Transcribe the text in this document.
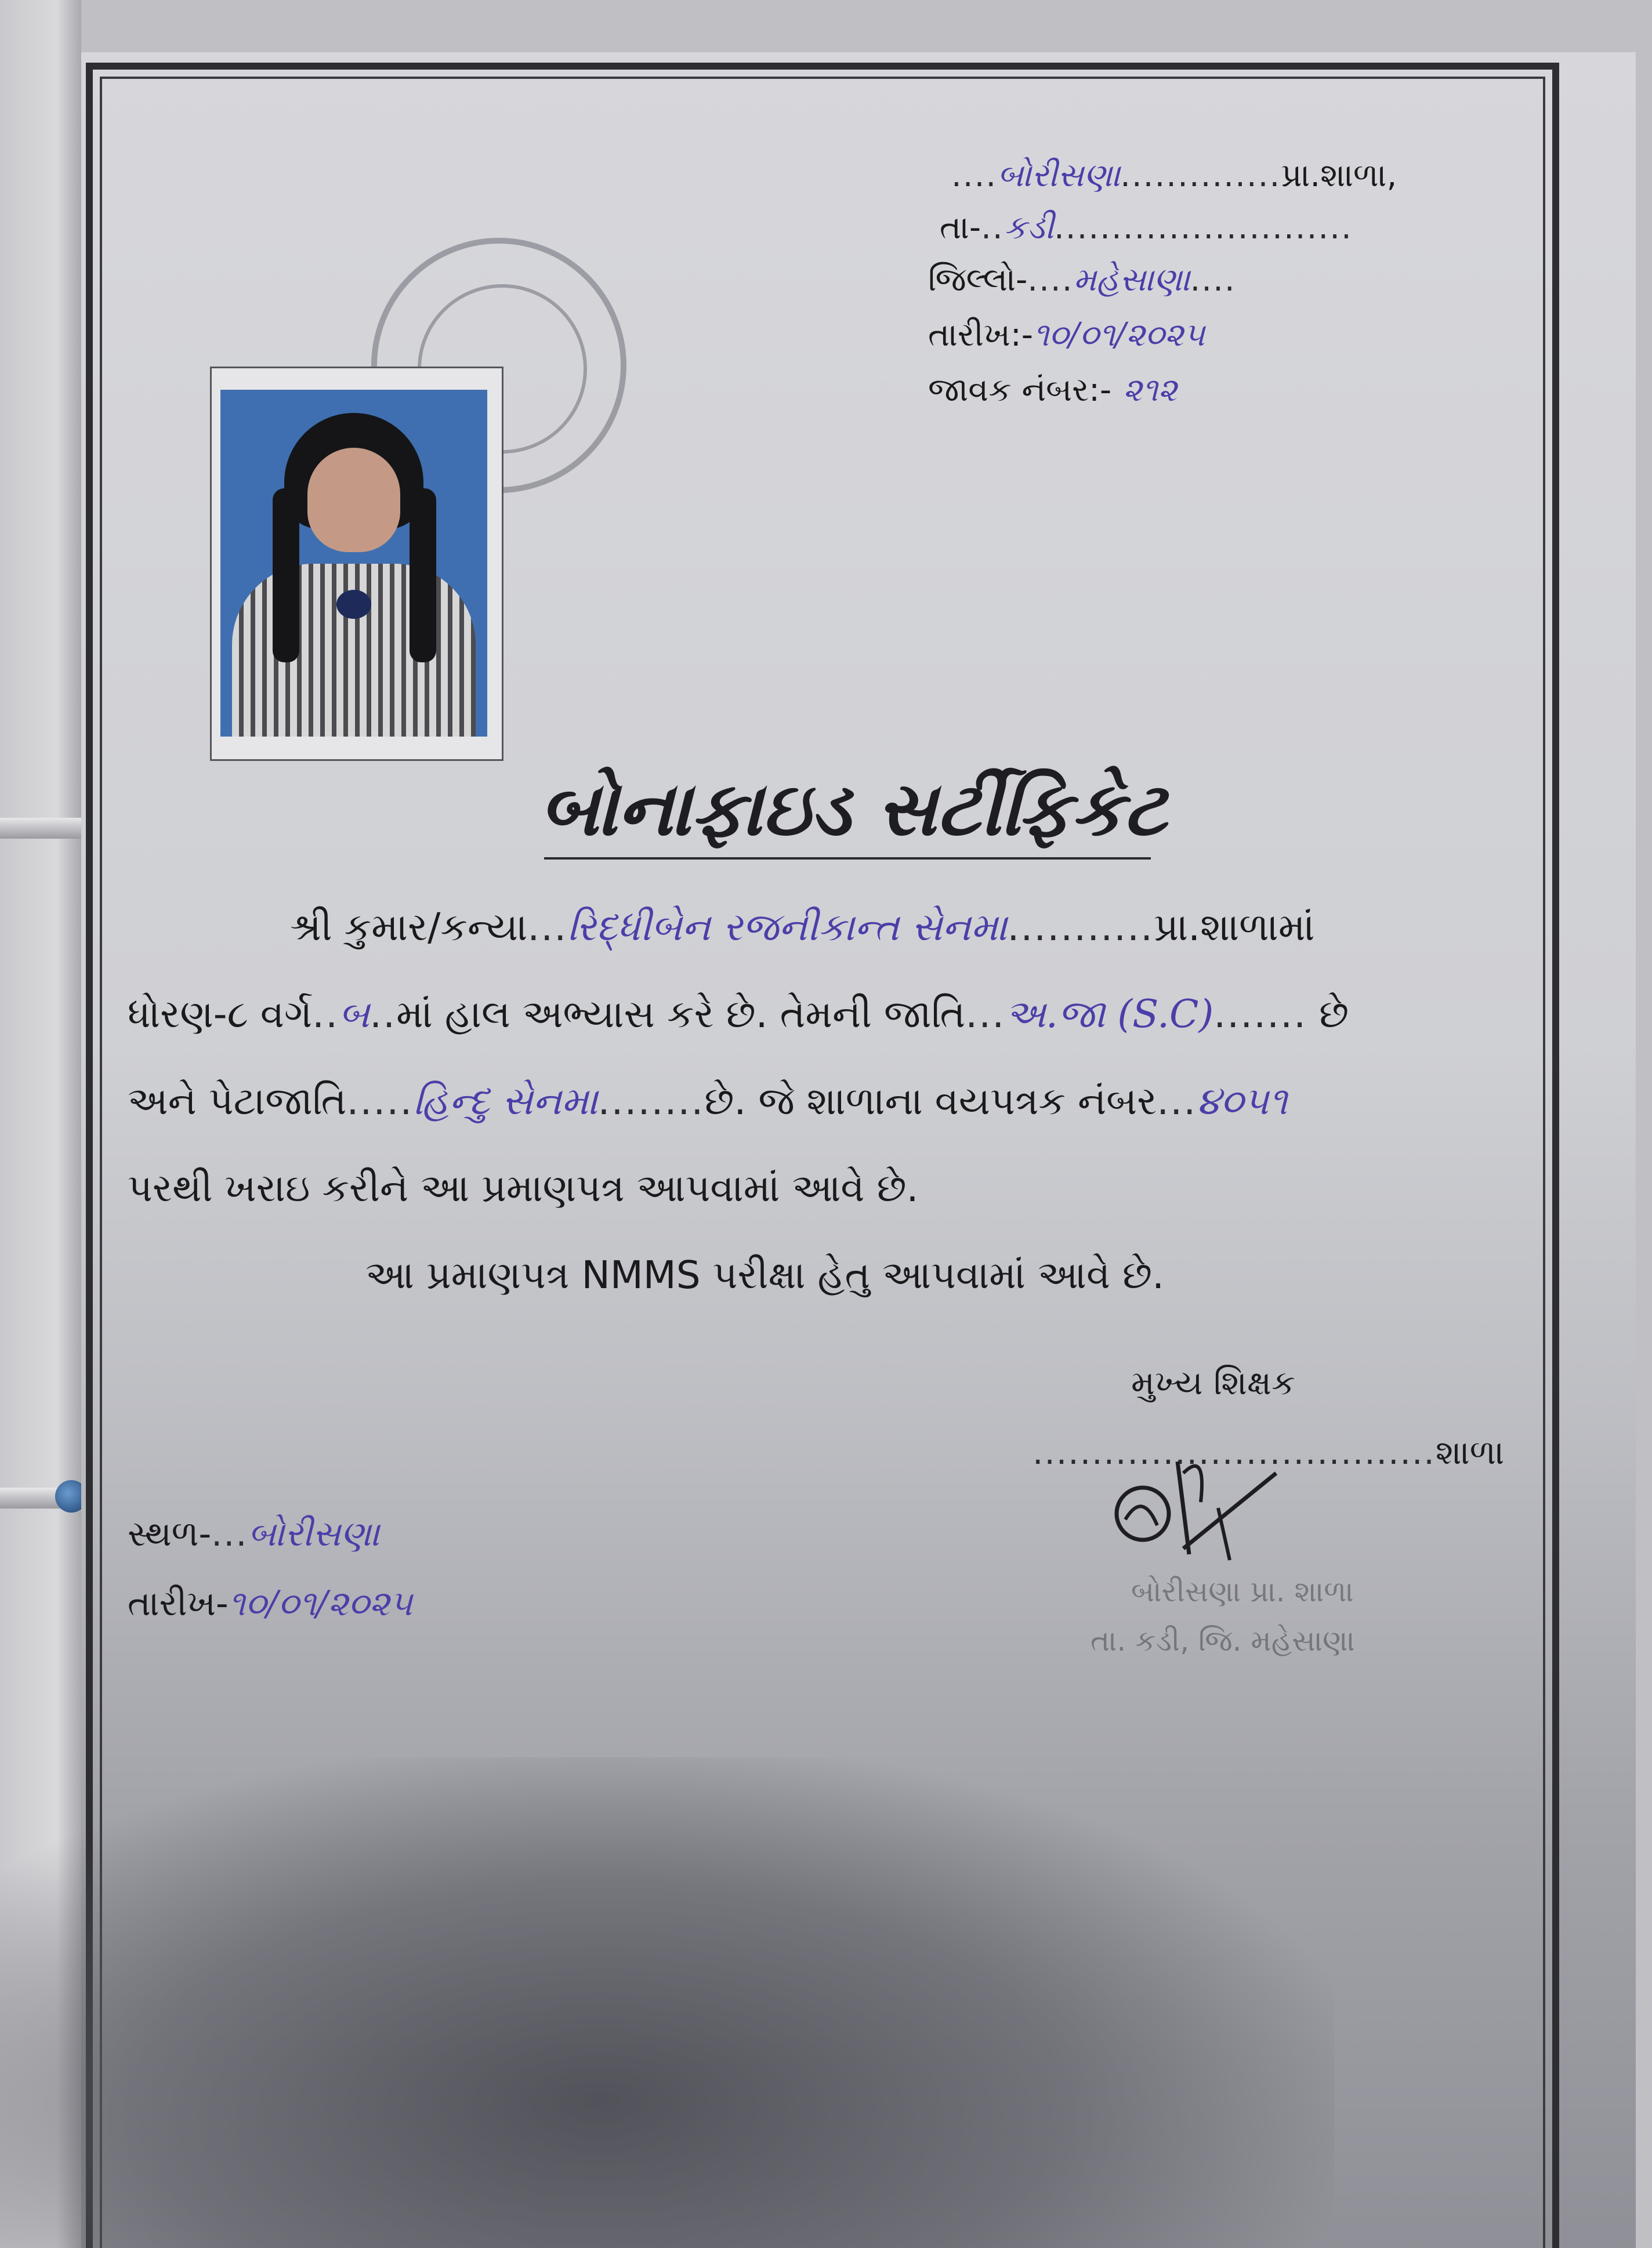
....બોરીસણા..............પ્રા.શાળા,
તા-..કડી..........................
જિલ્લો-....મહેસાણા....
તારીખ:-૧૦/૦૧/૨૦૨૫
જાવક નંબર:- ૨૧૨
બોનાફાઇડ સર્ટીફિકેટ
શ્રી કુમાર/કન્યા...રિદ્ધીબેન રજનીકાન્ત સેનમા...........પ્રા.શાળામાં
ધોરણ-૮ વર્ગ..બ..માં હાલ અભ્યાસ કરે છે. તેમની જાતિ...અ.જા (S.C)....... છે
અને પેટાજાતિ.....હિન્દુ સેનમા........છે. જે શાળાના વયપત્રક નંબર...૪૦૫૧
પરથી ખરાઇ કરીને આ પ્રમાણપત્ર આપવામાં આવે છે.
આ પ્રમાણપત્ર NMMS પરીક્ષા હેતુ આપવામાં આવે છે.
મુખ્ય શિક્ષક
..................................શાળા
બોરીસણા પ્રા. શાળા
તા. કડી, જિ. મહેસાણા
સ્થળ-...બોરીસણા
તારીખ-૧૦/૦૧/૨૦૨૫
